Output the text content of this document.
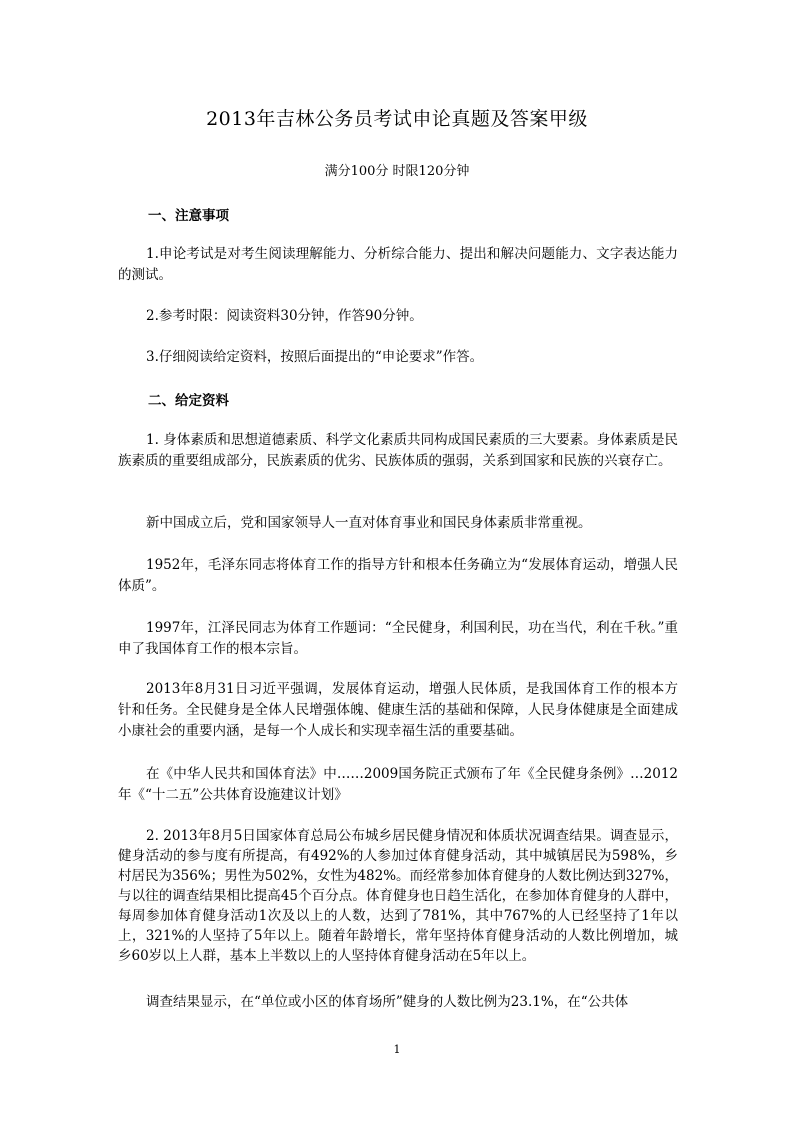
2013年吉林公务员考试申论真题及答案甲级

满分100分 时限120分钟

一、注意事项

1.申论考试是对考生阅读理解能力、分析综合能力、提出和解决问题能力、文字表达能力的测试。

2.参考时限：阅读资料30分钟，作答90分钟。

3.仔细阅读给定资料，按照后面提出的“申论要求”作答。

二、给定资料

1. 身体素质和思想道德素质、科学文化素质共同构成国民素质的三大要素。身体素质是民族素质的重要组成部分，民族素质的优劣、民族体质的强弱，关系到国家和民族的兴衰存亡。

新中国成立后，党和国家领导人一直对体育事业和国民身体素质非常重视。

1952年，毛泽东同志将体育工作的指导方针和根本任务确立为“发展体育运动，增强人民体质”。

1997年，江泽民同志为体育工作题词：“全民健身，利国利民，功在当代，利在千秋。”重申了我国体育工作的根本宗旨。

2013年8月31日习近平强调，发展体育运动，增强人民体质，是我国体育工作的根本方针和任务。全民健身是全体人民增强体魄、健康生活的基础和保障，人民身体健康是全面建成小康社会的重要内涵，是每一个人成长和实现幸福生活的重要基础。

在《中华人民共和国体育法》中……2009国务院正式颁布了年《全民健身条例》…2012年《“十二五”公共体育设施建议计划》

2. 2013年8月5日国家体育总局公布城乡居民健身情况和体质状况调查结果。调查显示，健身活动的参与度有所提高，有492%的人参加过体育健身活动，其中城镇居民为598%，乡村居民为356%；男性为502%，女性为482%。而经常参加体育健身的人数比例达到327%，与以往的调查结果相比提高45个百分点。体育健身也日趋生活化，在参加体育健身的人群中，每周参加体育健身活动1次及以上的人数，达到了781%，其中767%的人已经坚持了1年以上，321%的人坚持了5年以上。随着年龄增长，常年坚持体育健身活动的人数比例增加，城乡60岁以上人群，基本上半数以上的人坚持体育健身活动在5年以上。

调查结果显示，在“单位或小区的体育场所”健身的人数比例为23.1%，在“公共体

1
